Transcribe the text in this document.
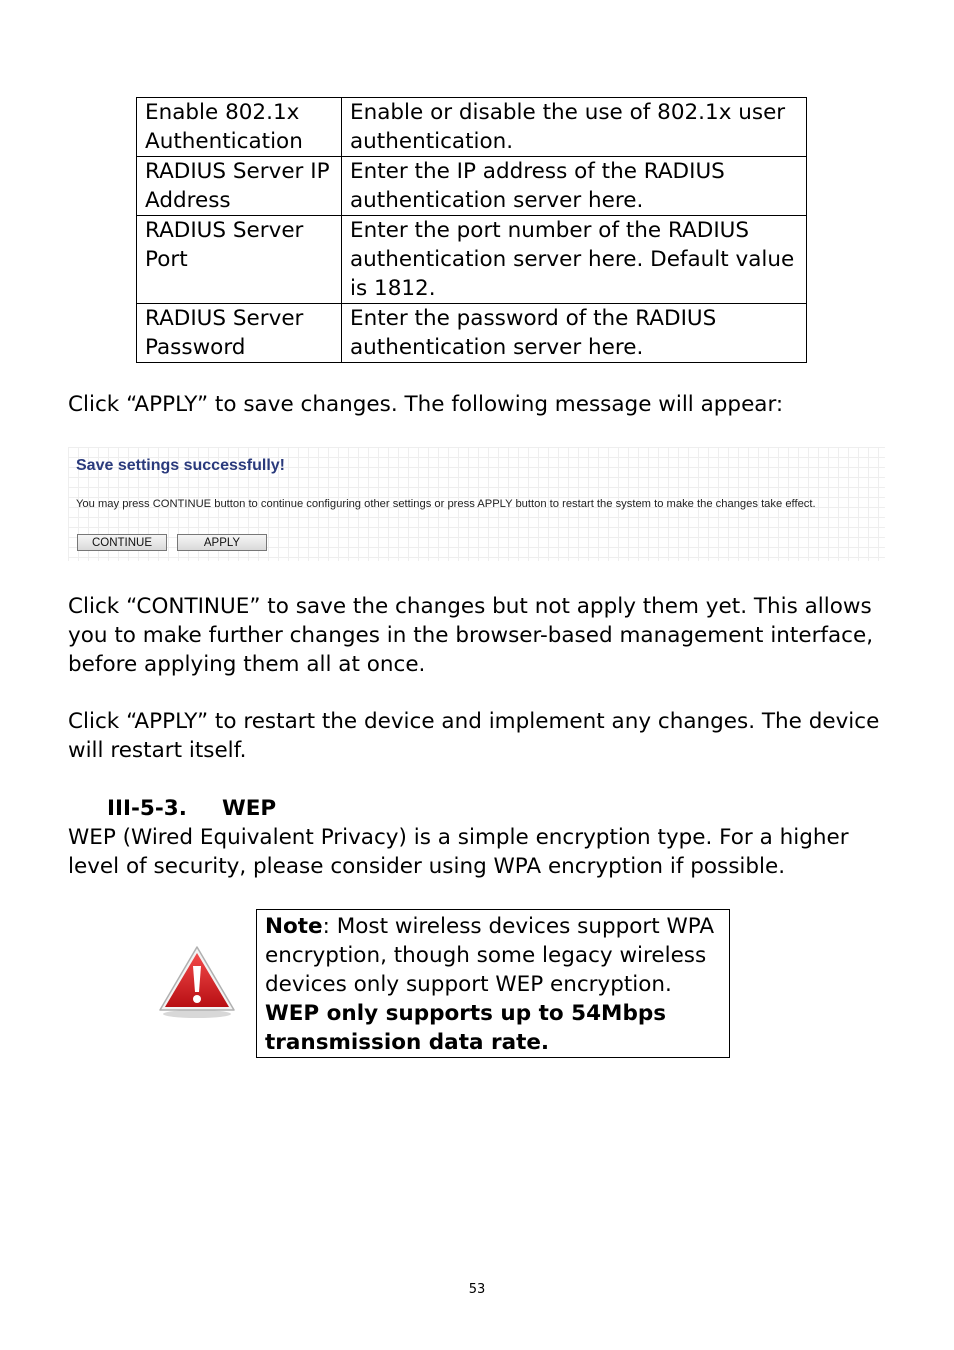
Enable 802.1x Authentication	Enable or disable the use of 802.1x user authentication.
RADIUS Server IP Address	Enter the IP address of the RADIUS authentication server here.
RADIUS Server Port	Enter the port number of the RADIUS authentication server here. Default value is 1812.
RADIUS Server Password	Enter the password of the RADIUS authentication server here.
Click “APPLY” to save changes. The following message will appear:
Save settings successfully!
You may press CONTINUE button to continue configuring other settings or press APPLY button to restart the system to make the changes take effect.
CONTINUE	APPLY
Click “CONTINUE” to save the changes but not apply them yet. This allows you to make further changes in the browser-based management interface, before applying them all at once.
Click “APPLY” to restart the device and implement any changes. The device will restart itself.
III-5-3. WEP
WEP (Wired Equivalent Privacy) is a simple encryption type. For a higher level of security, please consider using WPA encryption if possible.
Note: Most wireless devices support WPA encryption, though some legacy wireless devices only support WEP encryption.
WEP only supports up to 54Mbps transmission data rate.
53
